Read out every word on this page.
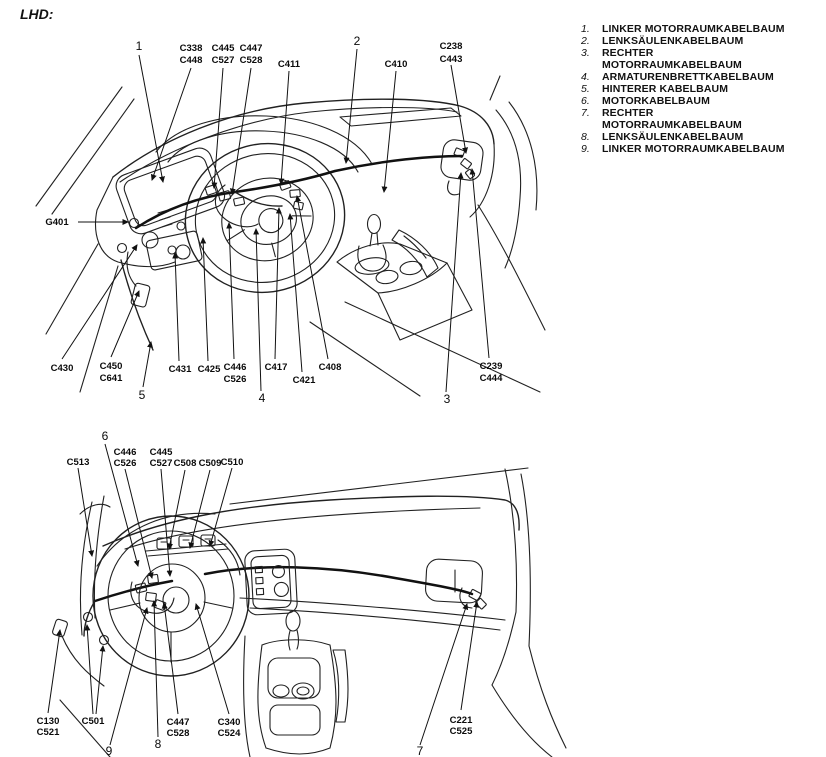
LHD:
1	C338
C448
C445
C527
C447
C528 C411
2
C410
C238
C443
G401
C430	C450
C641
5
C431 C425 C446
C526
4
C417
C421
C408
3
C239
C444
6
C513
C446
C526
C445
C527 C508 C509 C510
C130
C521
C501
9	8
C447
C528
C340
C524
7
C221
C525
1.	LINKER MOTORRAUMKABELBAUM
2.	LENKSÄULENKABELBAUM
3.	RECHTER
MOTORRAUMKABELBAUM
4.	ARMATURENBRETTKABELBAUM
5.	HINTERER KABELBAUM
6.	MOTORKABELBAUM
7.	RECHTER
MOTORRAUMKABELBAUM
8.	LENKSÄULENKABELBAUM
9.	LINKER MOTORRAUMKABELBAUM
